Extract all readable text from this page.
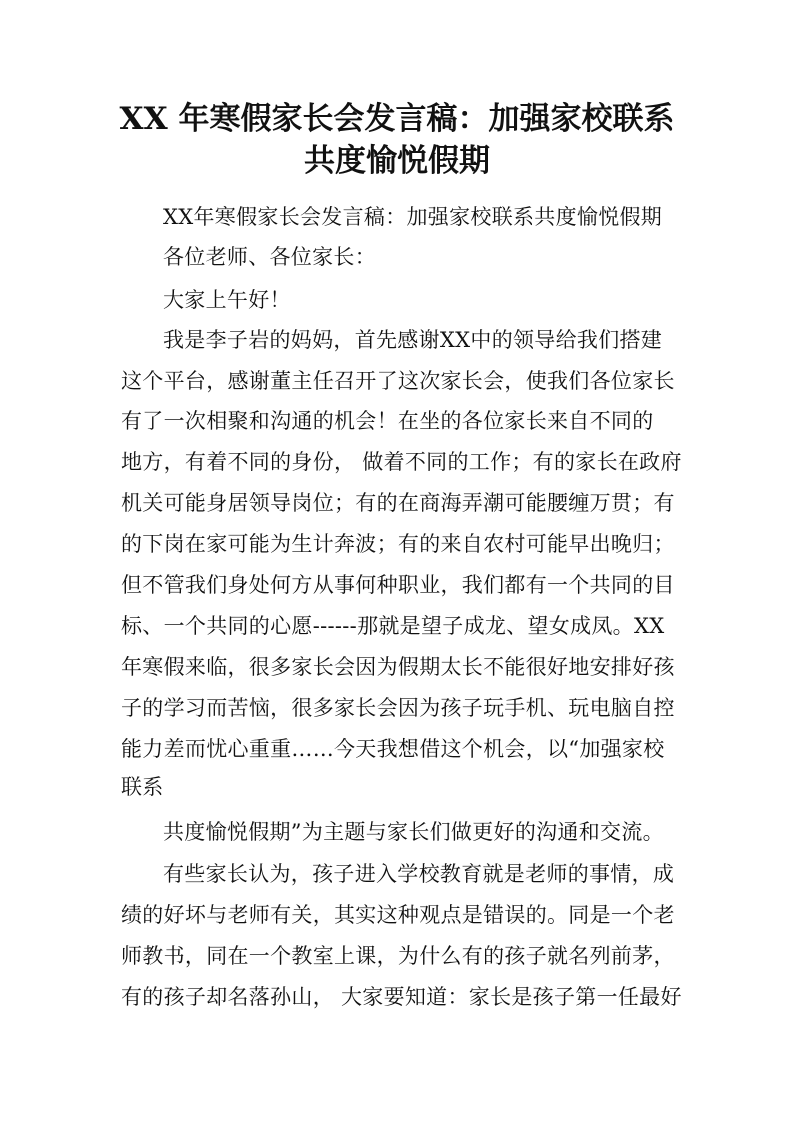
XX 年寒假家长会发言稿：加强家校联系
共度愉悦假期

XX年寒假家长会发言稿：加强家校联系共度愉悦假期

各位老师、各位家长：

大家上午好！

我是李子岩的妈妈，首先感谢XX中的领导给我们搭建

这个平台，感谢董主任召开了这次家长会，使我们各位家长

有了一次相聚和沟通的机会！在坐的各位家长来自不同的

地方，有着不同的身份， 做着不同的工作；有的家长在政府

机关可能身居领导岗位；有的在商海弄潮可能腰缠万贯；有

的下岗在家可能为生计奔波；有的来自农村可能早出晚归；

但不管我们身处何方从事何种职业，我们都有一个共同的目

标、一个共同的心愿------那就是望子成龙、望女成凤。XX

年寒假来临，很多家长会因为假期太长不能很好地安排好孩

子的学习而苦恼，很多家长会因为孩子玩手机、玩电脑自控

能力差而忧心重重……今天我想借这个机会，以“加强家校

联系

共度愉悦假期”为主题与家长们做更好的沟通和交流。

有些家长认为，孩子进入学校教育就是老师的事情，成

绩的好坏与老师有关，其实这种观点是错误的。同是一个老

师教书，同在一个教室上课，为什么有的孩子就名列前茅，

有的孩子却名落孙山， 大家要知道：家长是孩子第一任最好
